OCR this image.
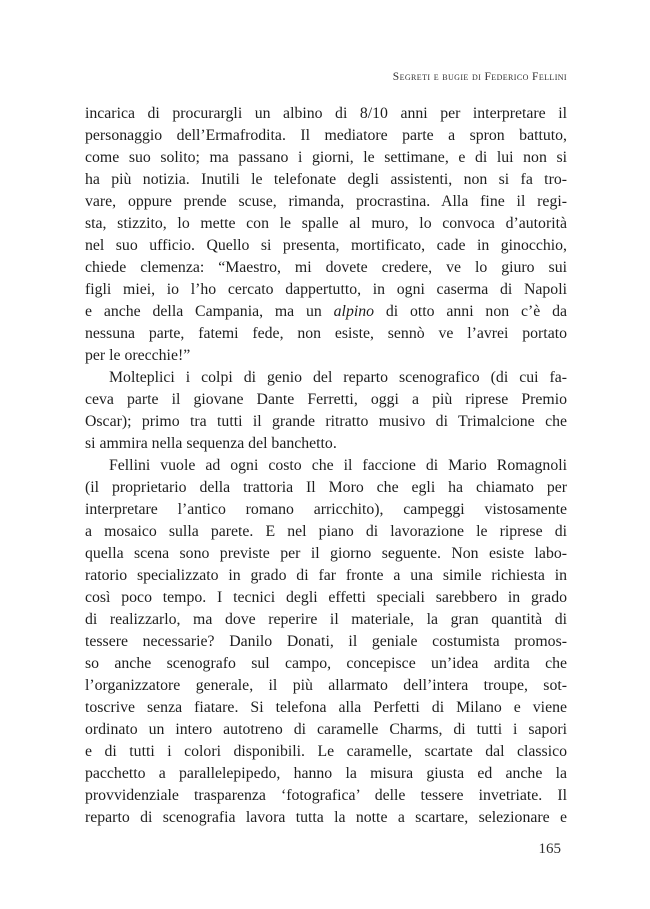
Segreti e bugie di Federico Fellini
incarica di procurargli un albino di 8/10 anni per interpretare il
personaggio dell’Ermafrodita. Il mediatore parte a spron battuto,
come suo solito; ma passano i giorni, le settimane, e di lui non si
ha più notizia. Inutili le telefonate degli assistenti, non si fa tro-
vare, oppure prende scuse, rimanda, procrastina. Alla fine il regi-
sta, stizzito, lo mette con le spalle al muro, lo convoca d’autorità
nel suo ufficio. Quello si presenta, mortificato, cade in ginocchio,
chiede clemenza: “Maestro, mi dovete credere, ve lo giuro sui
figli miei, io l’ho cercato dappertutto, in ogni caserma di Napoli
e anche della Campania, ma un alpino di otto anni non c’è da
nessuna parte, fatemi fede, non esiste, sennò ve l’avrei portato
per le orecchie!”
Molteplici i colpi di genio del reparto scenografico (di cui fa-
ceva parte il giovane Dante Ferretti, oggi a più riprese Premio
Oscar); primo tra tutti il grande ritratto musivo di Trimalcione che
si ammira nella sequenza del banchetto.
Fellini vuole ad ogni costo che il faccione di Mario Romagnoli
(il proprietario della trattoria Il Moro che egli ha chiamato per
interpretare l’antico romano arricchito), campeggi vistosamente
a mosaico sulla parete. E nel piano di lavorazione le riprese di
quella scena sono previste per il giorno seguente. Non esiste labo-
ratorio specializzato in grado di far fronte a una simile richiesta in
così poco tempo. I tecnici degli effetti speciali sarebbero in grado
di realizzarlo, ma dove reperire il materiale, la gran quantità di
tessere necessarie? Danilo Donati, il geniale costumista promos-
so anche scenografo sul campo, concepisce un’idea ardita che
l’organizzatore generale, il più allarmato dell’intera troupe, sot-
toscrive senza fiatare. Si telefona alla Perfetti di Milano e viene
ordinato un intero autotreno di caramelle Charms, di tutti i sapori
e di tutti i colori disponibili. Le caramelle, scartate dal classico
pacchetto a parallelepipedo, hanno la misura giusta ed anche la
provvidenziale trasparenza ‘fotografica’ delle tessere invetriate. Il
reparto di scenografia lavora tutta la notte a scartare, selezionare e
165
